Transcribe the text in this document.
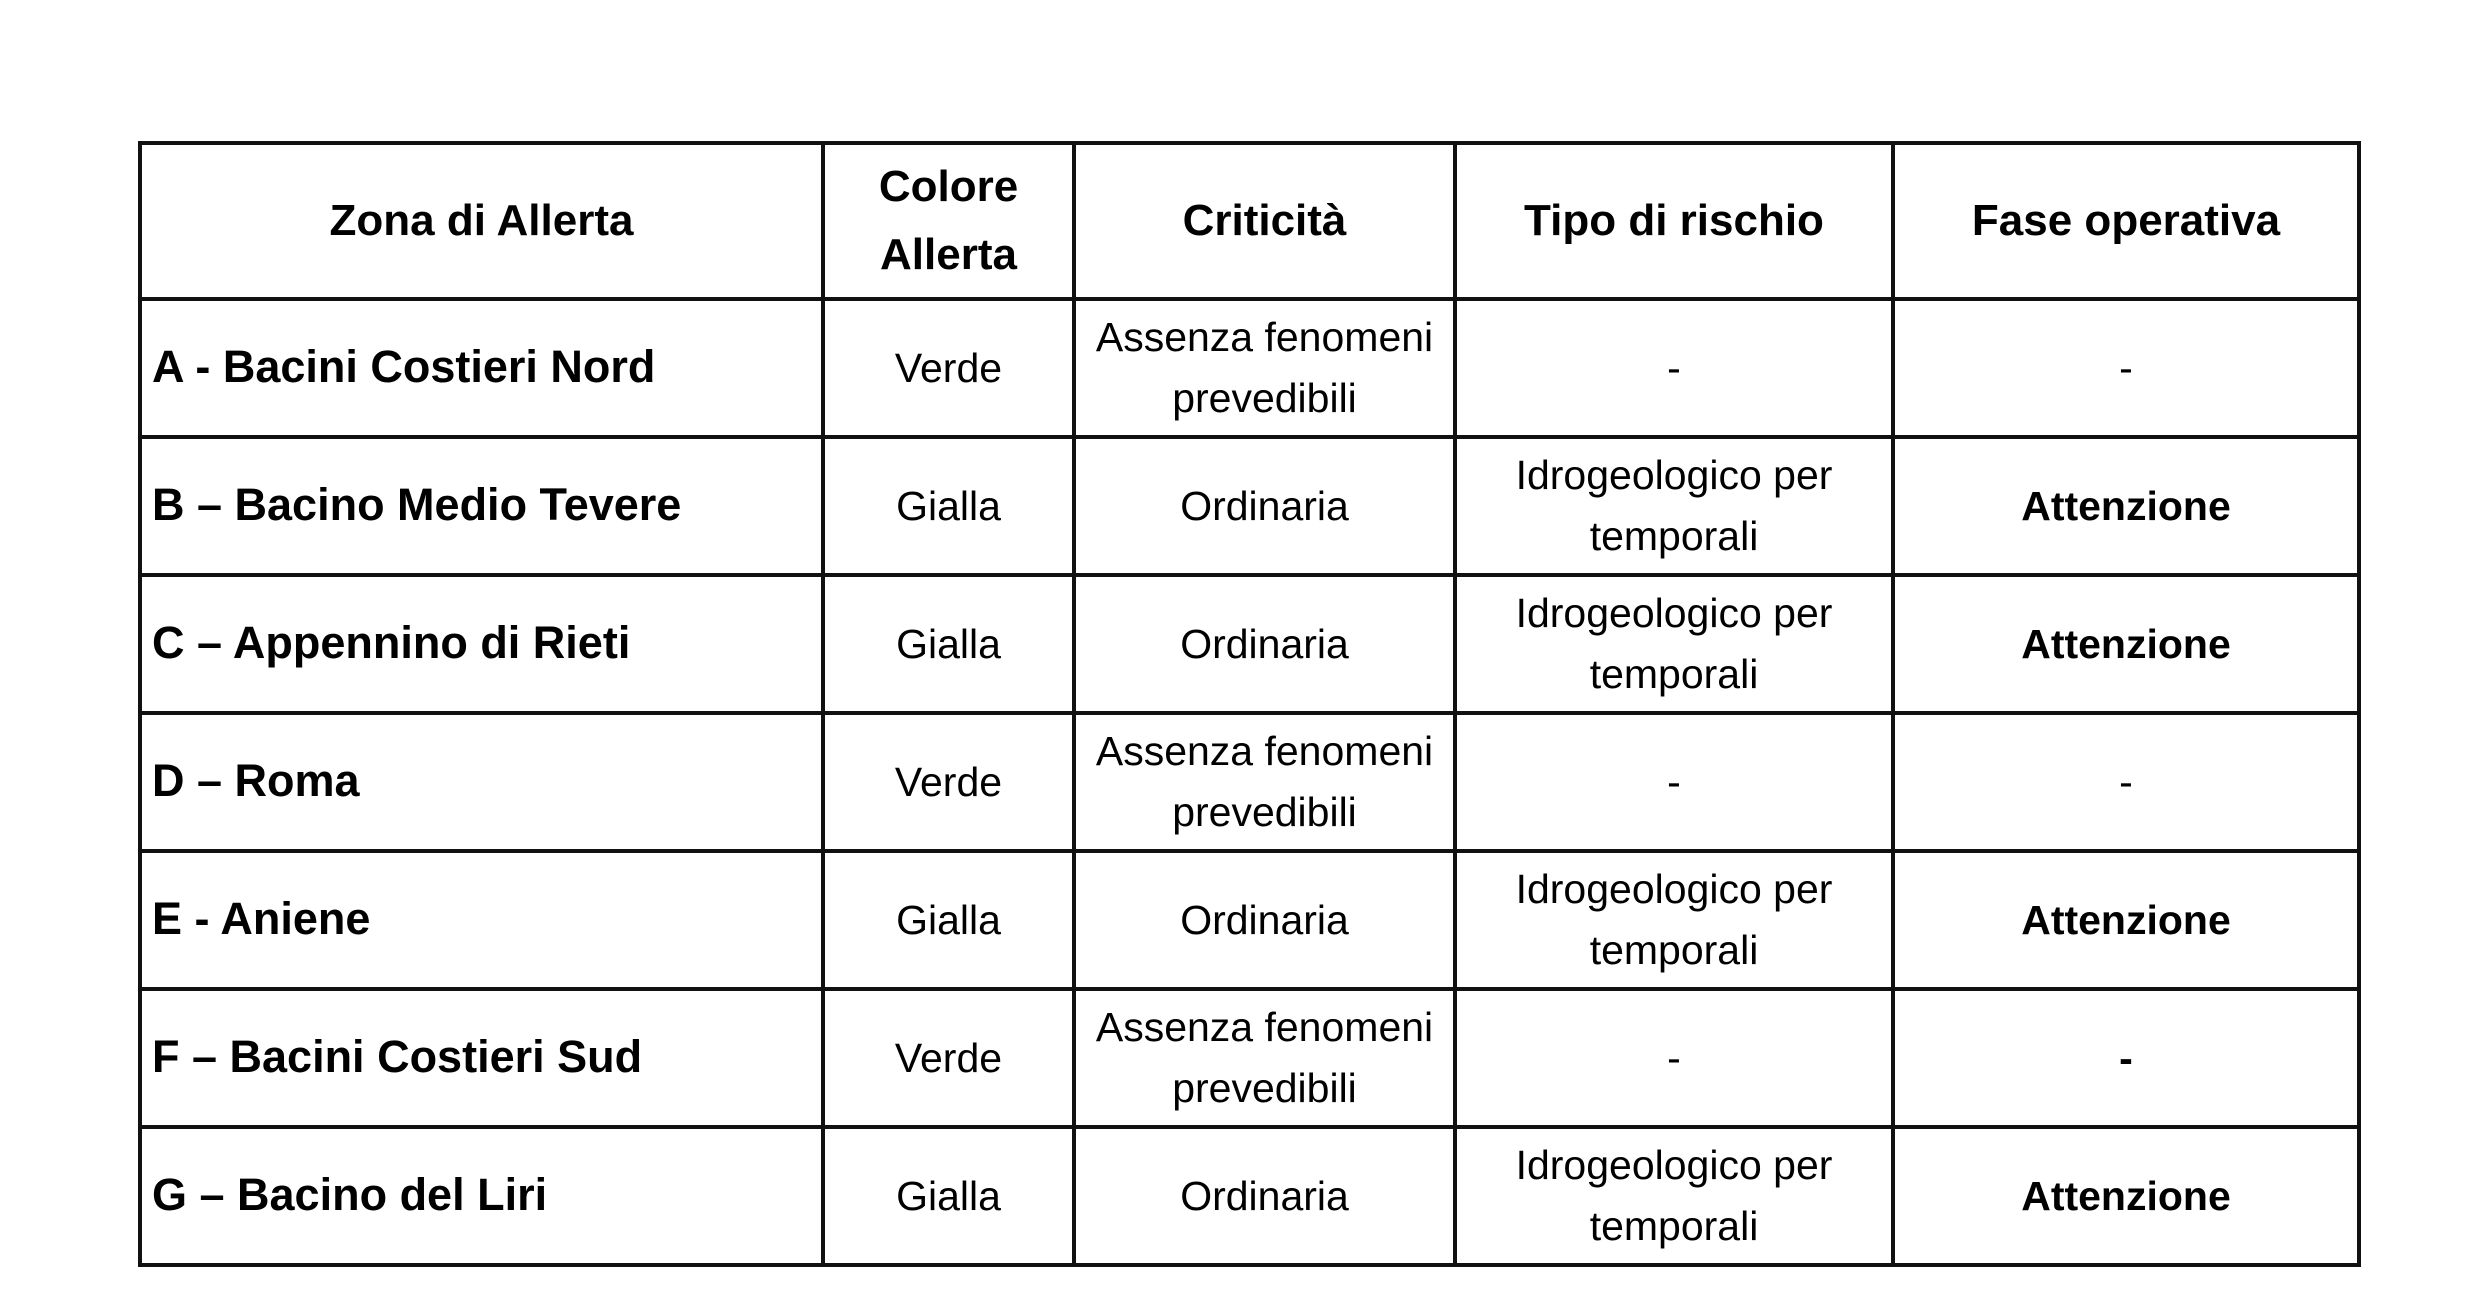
Zona di Allerta	Colore Allerta	Criticità	Tipo di rischio	Fase operativa
A - Bacini Costieri Nord	Verde	Assenza fenomeni prevedibili	-	-
B – Bacino Medio Tevere	Gialla	Ordinaria	Idrogeologico per temporali	Attenzione
C – Appennino di Rieti	Gialla	Ordinaria	Idrogeologico per temporali	Attenzione
D – Roma	Verde	Assenza fenomeni prevedibili	-	-
E - Aniene	Gialla	Ordinaria	Idrogeologico per temporali	Attenzione
F – Bacini Costieri Sud	Verde	Assenza fenomeni prevedibili	-	-
G – Bacino del Liri	Gialla	Ordinaria	Idrogeologico per temporali	Attenzione
